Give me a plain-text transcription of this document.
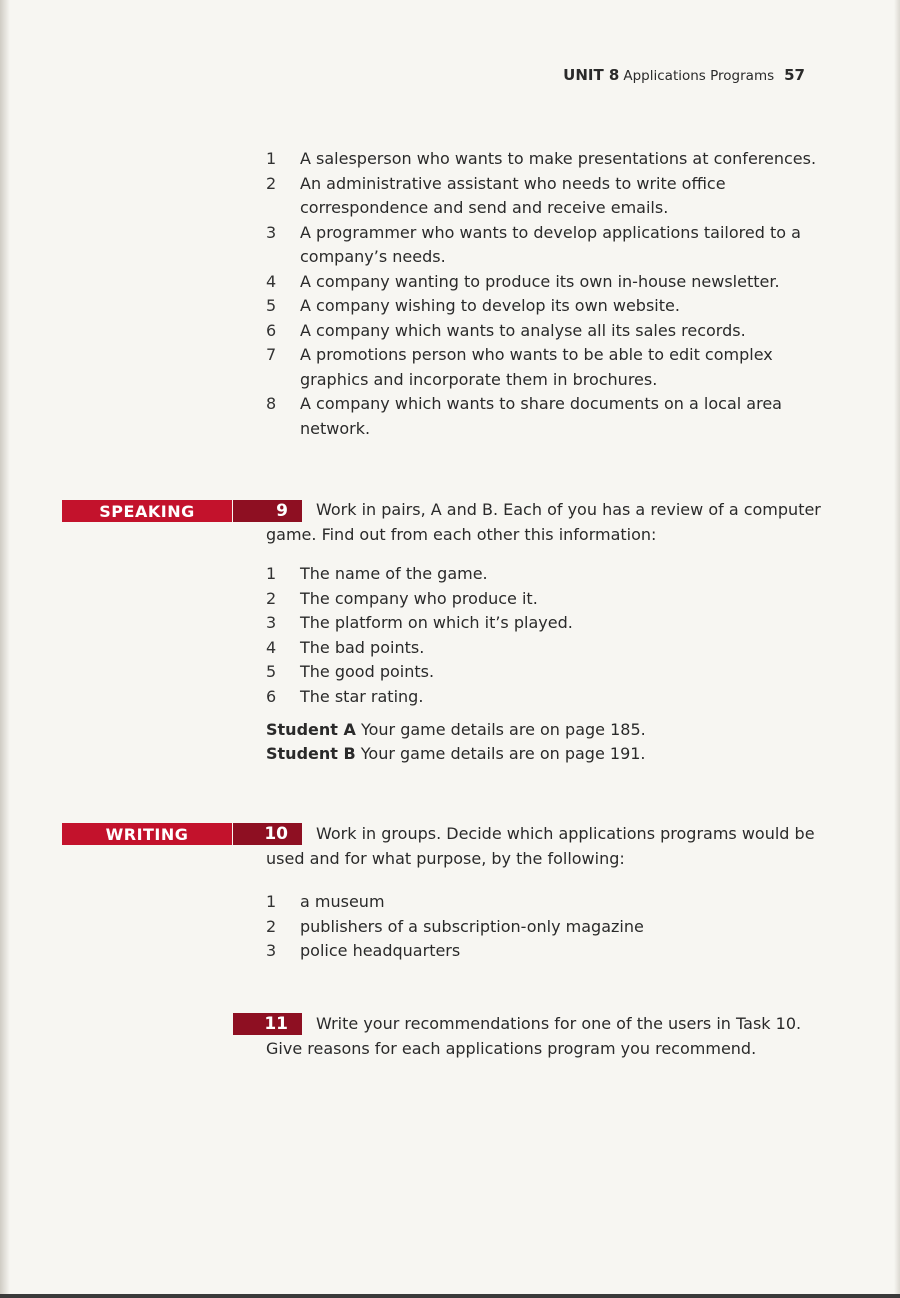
UNIT 8 Applications Programs 57
1	A salesperson who wants to make presentations at conferences.
2	An administrative assistant who needs to write office correspondence and send and receive emails.
3	A programmer who wants to develop applications tailored to a company’s needs.
4	A company wanting to produce its own in-house newsletter.
5	A company wishing to develop its own website.
6	A company which wants to analyse all its sales records.
7	A promotions person who wants to be able to edit complex graphics and incorporate them in brochures.
8	A company which wants to share documents on a local area network.
SPEAKING	9	Work in pairs, A and B. Each of you has a review of a computer game. Find out from each other this information:

1	The name of the game.
2	The company who produce it.
3	The platform on which it’s played.
4	The bad points.
5	The good points.
6	The star rating.

Student A Your game details are on page 185.

Student B Your game details are on page 191.

WRITING	10	Work in groups. Decide which applications programs would be used and for what purpose, by the following:

1	a museum
2	publishers of a subscription-only magazine
3	police headquarters
11	Write your recommendations for one of the users in Task 10. Give reasons for each applications program you recommend.
